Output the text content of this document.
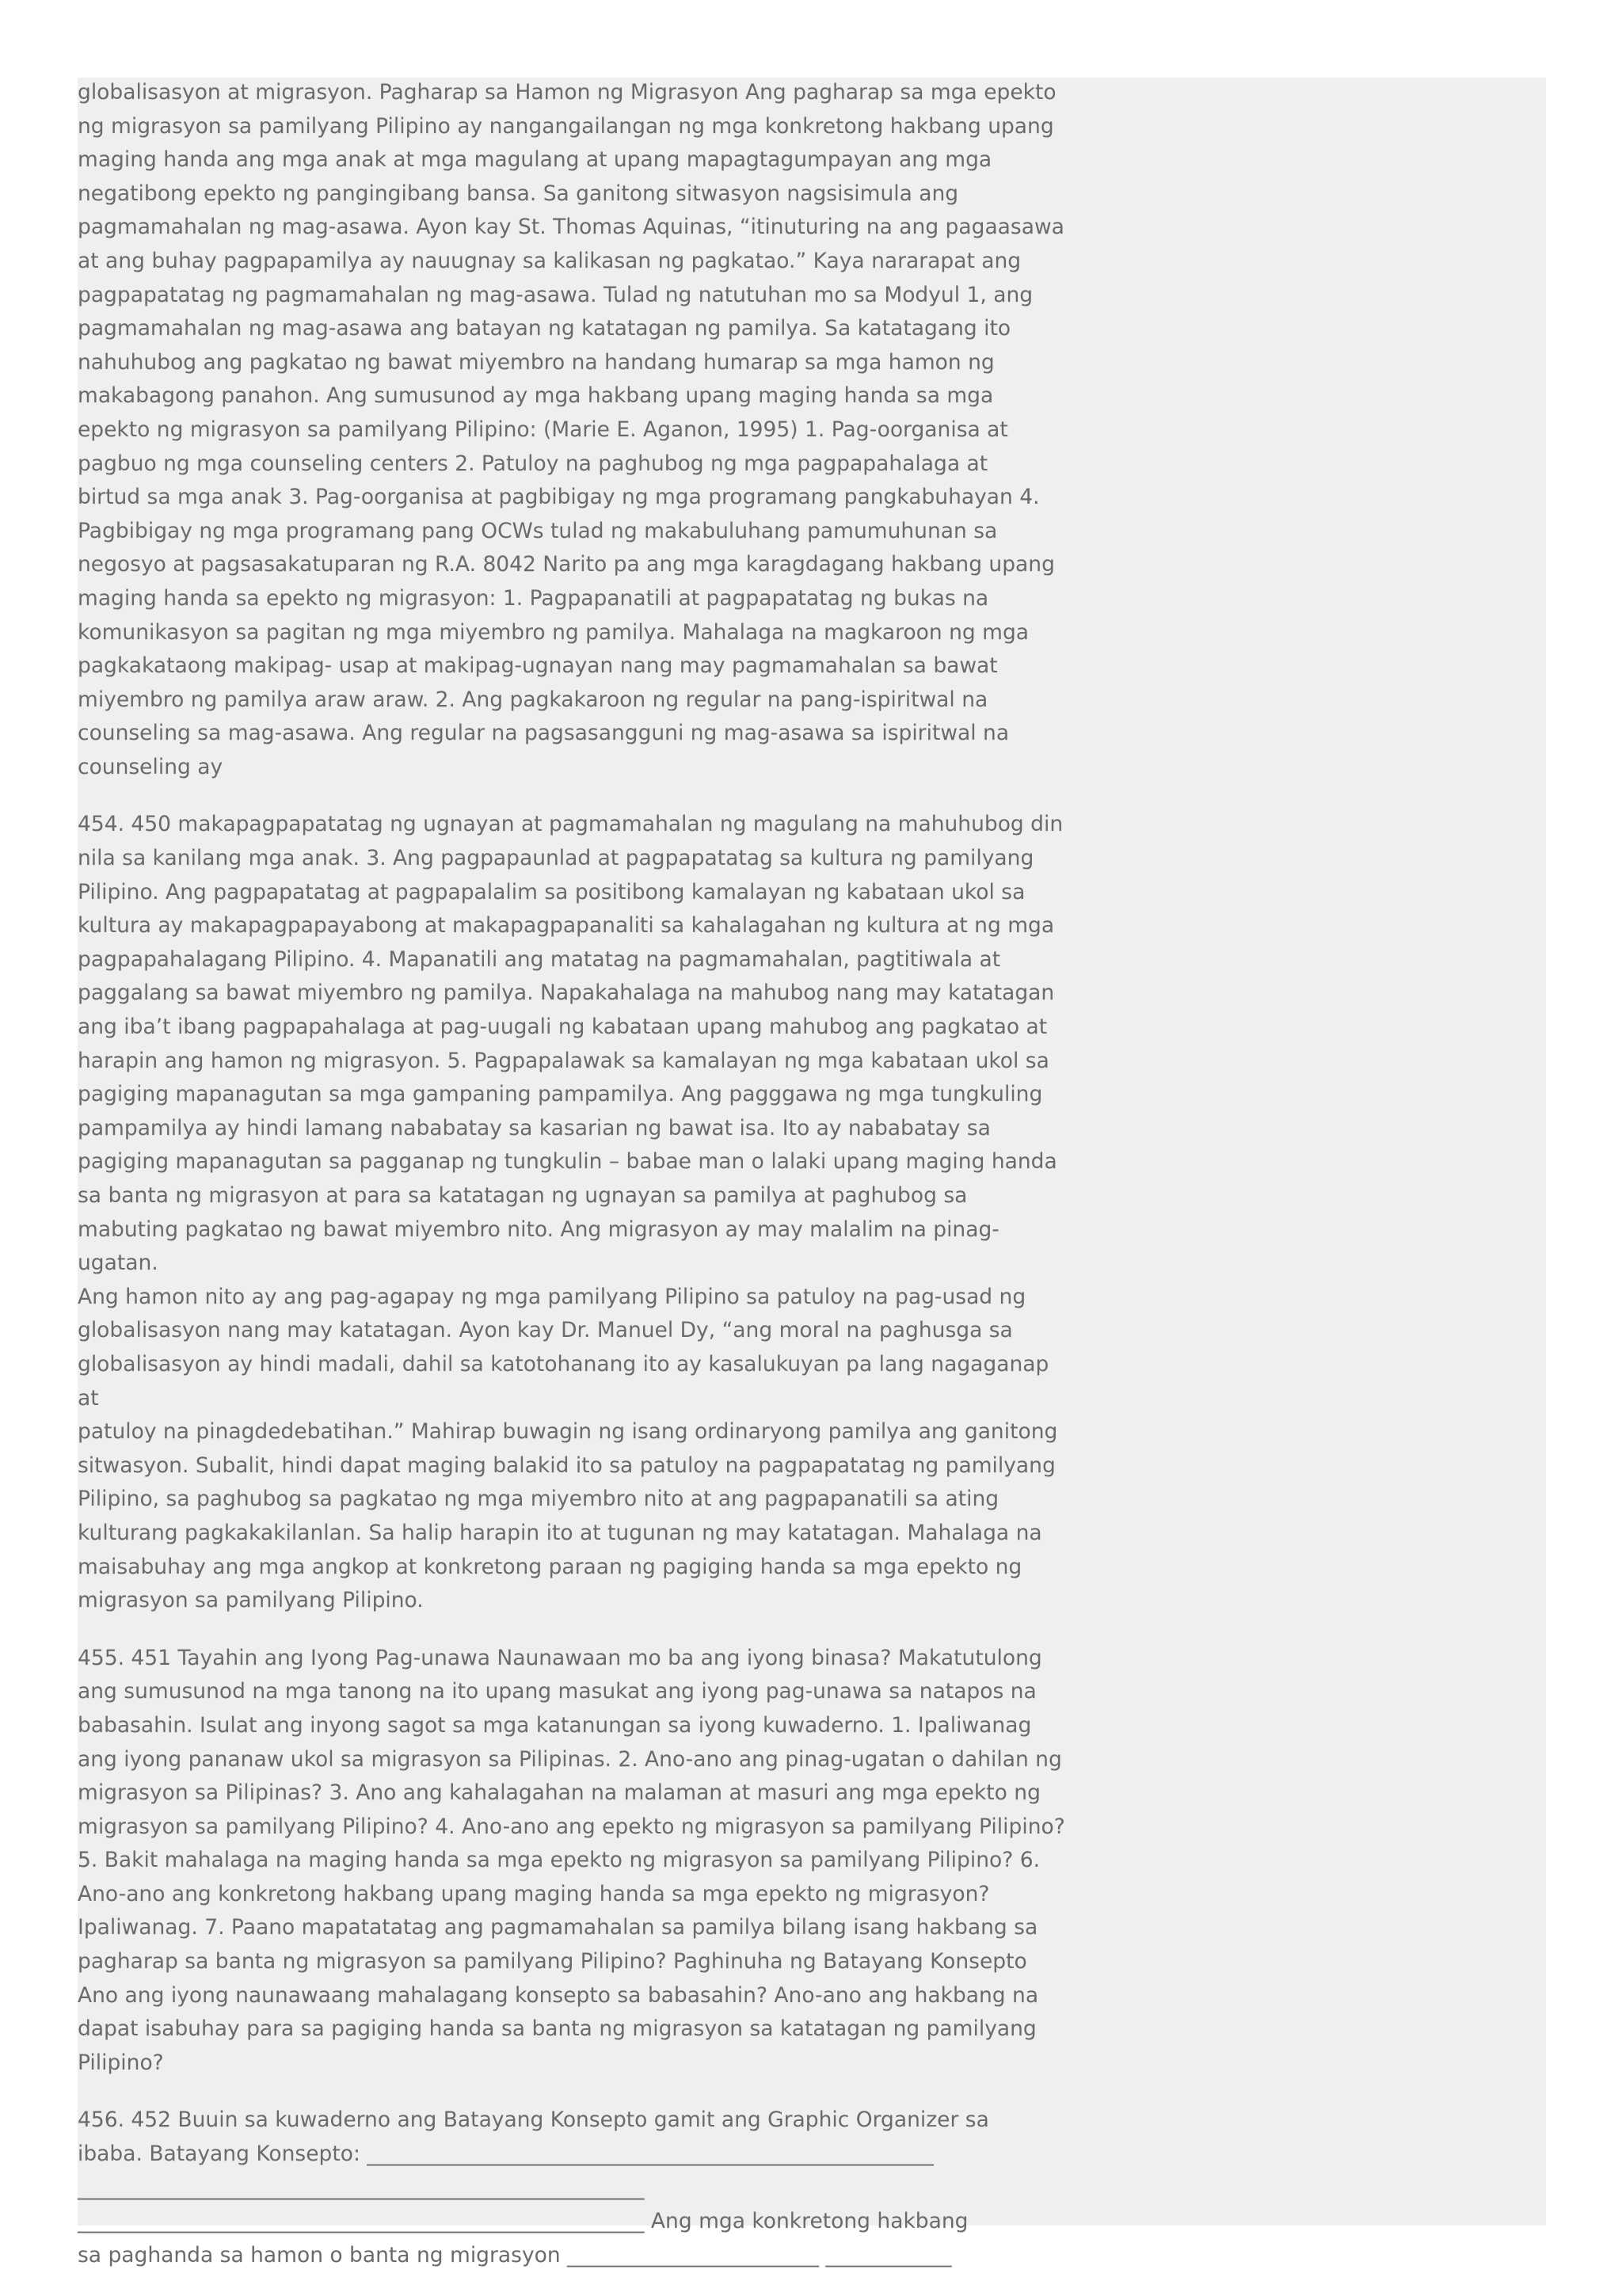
globalisasyon at migrasyon. Pagharap sa Hamon ng Migrasyon Ang pagharap sa mga epekto
ng migrasyon sa pamilyang Pilipino ay nangangailangan ng mga konkretong hakbang upang
maging handa ang mga anak at mga magulang at upang mapagtagumpayan ang mga
negatibong epekto ng pangingibang bansa. Sa ganitong sitwasyon nagsisimula ang
pagmamahalan ng mag-asawa. Ayon kay St. Thomas Aquinas, “itinuturing na ang pagaasawa
at ang buhay pagpapamilya ay nauugnay sa kalikasan ng pagkatao.” Kaya nararapat ang
pagpapatatag ng pagmamahalan ng mag-asawa. Tulad ng natutuhan mo sa Modyul 1, ang
pagmamahalan ng mag-asawa ang batayan ng katatagan ng pamilya. Sa katatagang ito
nahuhubog ang pagkatao ng bawat miyembro na handang humarap sa mga hamon ng
makabagong panahon. Ang sumusunod ay mga hakbang upang maging handa sa mga
epekto ng migrasyon sa pamilyang Pilipino: (Marie E. Aganon, 1995) 1. Pag-oorganisa at
pagbuo ng mga counseling centers 2. Patuloy na paghubog ng mga pagpapahalaga at
birtud sa mga anak 3. Pag-oorganisa at pagbibigay ng mga programang pangkabuhayan 4.
Pagbibigay ng mga programang pang OCWs tulad ng makabuluhang pamumuhunan sa
negosyo at pagsasakatuparan ng R.A. 8042 Narito pa ang mga karagdagang hakbang upang
maging handa sa epekto ng migrasyon: 1. Pagpapanatili at pagpapatatag ng bukas na
komunikasyon sa pagitan ng mga miyembro ng pamilya. Mahalaga na magkaroon ng mga
pagkakataong makipag- usap at makipag-ugnayan nang may pagmamahalan sa bawat
miyembro ng pamilya araw araw. 2. Ang pagkakaroon ng regular na pang-ispiritwal na
counseling sa mag-asawa. Ang regular na pagsasangguni ng mag-asawa sa ispiritwal na
counseling ay

454. 450 makapagpapatatag ng ugnayan at pagmamahalan ng magulang na mahuhubog din
nila sa kanilang mga anak. 3. Ang pagpapaunlad at pagpapatatag sa kultura ng pamilyang
Pilipino. Ang pagpapatatag at pagpapalalim sa positibong kamalayan ng kabataan ukol sa
kultura ay makapagpapayabong at makapagpapanaliti sa kahalagahan ng kultura at ng mga
pagpapahalagang Pilipino. 4. Mapanatili ang matatag na pagmamahalan, pagtitiwala at
paggalang sa bawat miyembro ng pamilya. Napakahalaga na mahubog nang may katatagan
ang iba’t ibang pagpapahalaga at pag-uugali ng kabataan upang mahubog ang pagkatao at
harapin ang hamon ng migrasyon. 5. Pagpapalawak sa kamalayan ng mga kabataan ukol sa
pagiging mapanagutan sa mga gampaning pampamilya. Ang pagggawa ng mga tungkuling
pampamilya ay hindi lamang nababatay sa kasarian ng bawat isa. Ito ay nababatay sa
pagiging mapanagutan sa pagganap ng tungkulin – babae man o lalaki upang maging handa
sa banta ng migrasyon at para sa katatagan ng ugnayan sa pamilya at paghubog sa
mabuting pagkatao ng bawat miyembro nito. Ang migrasyon ay may malalim na pinag-ugatan.
Ang hamon nito ay ang pag-agapay ng mga pamilyang Pilipino sa patuloy na pag-usad ng
globalisasyon nang may katatagan. Ayon kay Dr. Manuel Dy, “ang moral na paghusga sa
globalisasyon ay hindi madali, dahil sa katotohanang ito ay kasalukuyan pa lang nagaganap at
patuloy na pinagdedebatihan.” Mahirap buwagin ng isang ordinaryong pamilya ang ganitong
sitwasyon. Subalit, hindi dapat maging balakid ito sa patuloy na pagpapatatag ng pamilyang
Pilipino, sa paghubog sa pagkatao ng mga miyembro nito at ang pagpapanatili sa ating
kulturang pagkakakilanlan. Sa halip harapin ito at tugunan ng may katatagan. Mahalaga na
maisabuhay ang mga angkop at konkretong paraan ng pagiging handa sa mga epekto ng
migrasyon sa pamilyang Pilipino.

455. 451 Tayahin ang Iyong Pag-unawa Naunawaan mo ba ang iyong binasa? Makatutulong
ang sumusunod na mga tanong na ito upang masukat ang iyong pag-unawa sa natapos na
babasahin. Isulat ang inyong sagot sa mga katanungan sa iyong kuwaderno. 1. Ipaliwanag
ang iyong pananaw ukol sa migrasyon sa Pilipinas. 2. Ano-ano ang pinag-ugatan o dahilan ng
migrasyon sa Pilipinas? 3. Ano ang kahalagahan na malaman at masuri ang mga epekto ng
migrasyon sa pamilyang Pilipino? 4. Ano-ano ang epekto ng migrasyon sa pamilyang Pilipino?
5. Bakit mahalaga na maging handa sa mga epekto ng migrasyon sa pamilyang Pilipino? 6.
Ano-ano ang konkretong hakbang upang maging handa sa mga epekto ng migrasyon?
Ipaliwanag. 7. Paano mapatatatag ang pagmamahalan sa pamilya bilang isang hakbang sa
pagharap sa banta ng migrasyon sa pamilyang Pilipino? Paghinuha ng Batayang Konsepto
Ano ang iyong naunawaang mahalagang konsepto sa babasahin? Ano-ano ang hakbang na
dapat isabuhay para sa pagiging handa sa banta ng migrasyon sa katatagan ng pamilyang
Pilipino?

456. 452 Buuin sa kuwaderno ang Batayang Konsepto gamit ang Graphic Organizer sa
ibaba. Batayang Konsepto: ______________________________________________________
______________________________________________________
______________________________________________________ Ang mga konkretong hakbang
sa paghanda sa hamon o banta ng migrasyon ________________________ ____________
